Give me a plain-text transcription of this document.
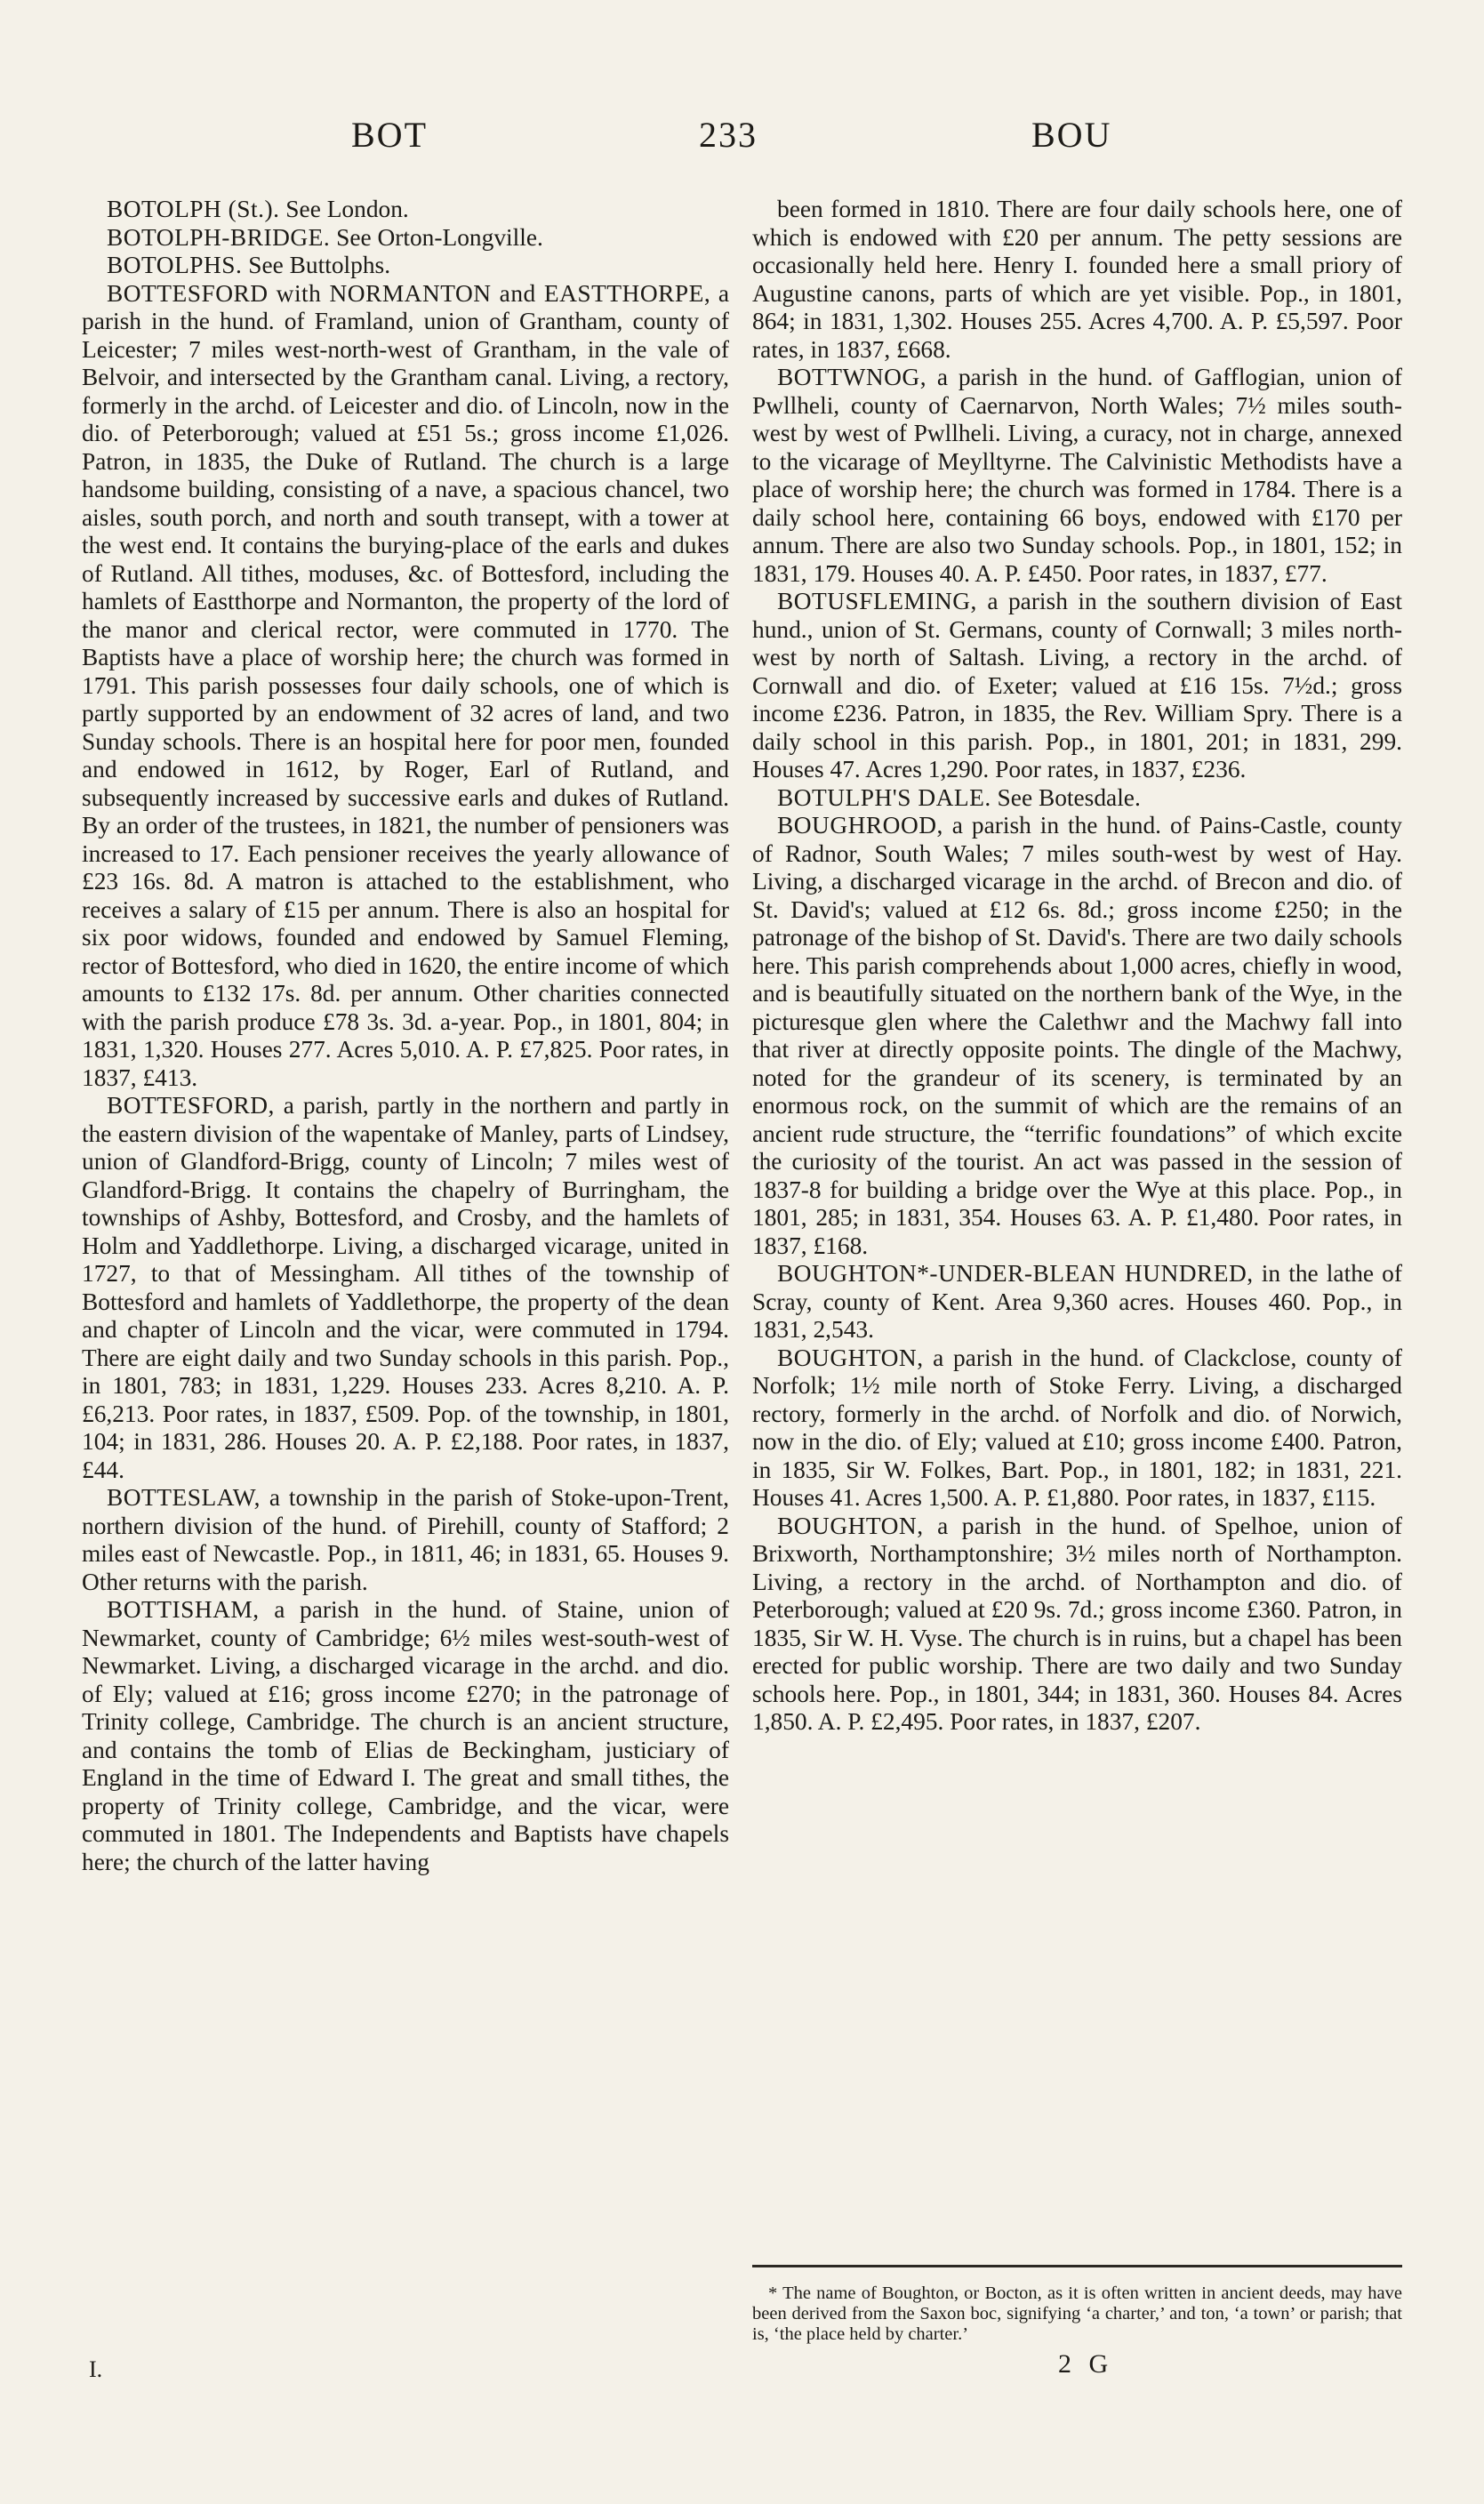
BOT	233	BOU

BOTOLPH (St.). See London.

BOTOLPH-BRIDGE. See Orton-Longville.

BOTOLPHS. See Buttolphs.

BOTTESFORD with NORMANTON and EASTTHORPE, a parish in the hund. of Framland, union of Grantham, county of Leicester; 7 miles west-north-west of Grantham, in the vale of Belvoir, and intersected by the Grantham canal. Living, a rectory, formerly in the archd. of Leicester and dio. of Lincoln, now in the dio. of Peterborough; valued at £51 5s.; gross income £1,026. Patron, in 1835, the Duke of Rutland. The church is a large handsome building, consisting of a nave, a spacious chancel, two aisles, south porch, and north and south transept, with a tower at the west end. It contains the burying-place of the earls and dukes of Rutland. All tithes, moduses, &c. of Bottesford, including the hamlets of Eastthorpe and Normanton, the property of the lord of the manor and clerical rector, were commuted in 1770. The Baptists have a place of worship here; the church was formed in 1791. This parish possesses four daily schools, one of which is partly supported by an endowment of 32 acres of land, and two Sunday schools. There is an hospital here for poor men, founded and endowed in 1612, by Roger, Earl of Rutland, and subsequently increased by successive earls and dukes of Rutland. By an order of the trustees, in 1821, the number of pensioners was increased to 17. Each pensioner receives the yearly allowance of £23 16s. 8d. A matron is attached to the establishment, who receives a salary of £15 per annum. There is also an hospital for six poor widows, founded and endowed by Samuel Fleming, rector of Bottesford, who died in 1620, the entire income of which amounts to £132 17s. 8d. per annum. Other charities connected with the parish produce £78 3s. 3d. a-year. Pop., in 1801, 804; in 1831, 1,320. Houses 277. Acres 5,010. A. P. £7,825. Poor rates, in 1837, £413.

BOTTESFORD, a parish, partly in the northern and partly in the eastern division of the wapentake of Manley, parts of Lindsey, union of Glandford-Brigg, county of Lincoln; 7 miles west of Glandford-Brigg. It contains the chapelry of Burringham, the townships of Ashby, Bottesford, and Crosby, and the hamlets of Holm and Yaddlethorpe. Living, a discharged vicarage, united in 1727, to that of Messingham. All tithes of the township of Bottesford and hamlets of Yaddlethorpe, the property of the dean and chapter of Lincoln and the vicar, were commuted in 1794. There are eight daily and two Sunday schools in this parish. Pop., in 1801, 783; in 1831, 1,229. Houses 233. Acres 8,210. A. P. £6,213. Poor rates, in 1837, £509. Pop. of the township, in 1801, 104; in 1831, 286. Houses 20. A. P. £2,188. Poor rates, in 1837, £44.

BOTTESLAW, a township in the parish of Stoke-upon-Trent, northern division of the hund. of Pirehill, county of Stafford; 2 miles east of Newcastle. Pop., in 1811, 46; in 1831, 65. Houses 9. Other returns with the parish.

BOTTISHAM, a parish in the hund. of Staine, union of Newmarket, county of Cambridge; 6½ miles west-south-west of Newmarket. Living, a discharged vicarage in the archd. and dio. of Ely; valued at £16; gross income £270; in the patronage of Trinity college, Cambridge. The church is an ancient structure, and contains the tomb of Elias de Beckingham, justiciary of England in the time of Edward I. The great and small tithes, the property of Trinity college, Cambridge, and the vicar, were commuted in 1801. The Independents and Baptists have chapels here; the church of the latter having

been formed in 1810. There are four daily schools here, one of which is endowed with £20 per annum. The petty sessions are occasionally held here. Henry I. founded here a small priory of Augustine canons, parts of which are yet visible. Pop., in 1801, 864; in 1831, 1,302. Houses 255. Acres 4,700. A. P. £5,597. Poor rates, in 1837, £668.

BOTTWNOG, a parish in the hund. of Gafflogian, union of Pwllheli, county of Caernarvon, North Wales; 7½ miles south-west by west of Pwllheli. Living, a curacy, not in charge, annexed to the vicarage of Meylltyrne. The Calvinistic Methodists have a place of worship here; the church was formed in 1784. There is a daily school here, containing 66 boys, endowed with £170 per annum. There are also two Sunday schools. Pop., in 1801, 152; in 1831, 179. Houses 40. A. P. £450. Poor rates, in 1837, £77.

BOTUSFLEMING, a parish in the southern division of East hund., union of St. Germans, county of Cornwall; 3 miles north-west by north of Saltash. Living, a rectory in the archd. of Cornwall and dio. of Exeter; valued at £16 15s. 7½d.; gross income £236. Patron, in 1835, the Rev. William Spry. There is a daily school in this parish. Pop., in 1801, 201; in 1831, 299. Houses 47. Acres 1,290. Poor rates, in 1837, £236.

BOTULPH'S DALE. See Botesdale.

BOUGHROOD, a parish in the hund. of Pains-Castle, county of Radnor, South Wales; 7 miles south-west by west of Hay. Living, a discharged vicarage in the archd. of Brecon and dio. of St. David's; valued at £12 6s. 8d.; gross income £250; in the patronage of the bishop of St. David's. There are two daily schools here. This parish comprehends about 1,000 acres, chiefly in wood, and is beautifully situated on the northern bank of the Wye, in the picturesque glen where the Calethwr and the Machwy fall into that river at directly opposite points. The dingle of the Machwy, noted for the grandeur of its scenery, is terminated by an enormous rock, on the summit of which are the remains of an ancient rude structure, the “terrific foundations” of which excite the curiosity of the tourist. An act was passed in the session of 1837-8 for building a bridge over the Wye at this place. Pop., in 1801, 285; in 1831, 354. Houses 63. A. P. £1,480. Poor rates, in 1837, £168.

BOUGHTON*-UNDER-BLEAN HUNDRED, in the lathe of Scray, county of Kent. Area 9,360 acres. Houses 460. Pop., in 1831, 2,543.

BOUGHTON, a parish in the hund. of Clackclose, county of Norfolk; 1½ mile north of Stoke Ferry. Living, a discharged rectory, formerly in the archd. of Norfolk and dio. of Norwich, now in the dio. of Ely; valued at £10; gross income £400. Patron, in 1835, Sir W. Folkes, Bart. Pop., in 1801, 182; in 1831, 221. Houses 41. Acres 1,500. A. P. £1,880. Poor rates, in 1837, £115.

BOUGHTON, a parish in the hund. of Spelhoe, union of Brixworth, Northamptonshire; 3½ miles north of Northampton. Living, a rectory in the archd. of Northampton and dio. of Peterborough; valued at £20 9s. 7d.; gross income £360. Patron, in 1835, Sir W. H. Vyse. The church is in ruins, but a chapel has been erected for public worship. There are two daily and two Sunday schools here. Pop., in 1801, 344; in 1831, 360. Houses 84. Acres 1,850. A. P. £2,495. Poor rates, in 1837, £207.

I.
* The name of Boughton, or Bocton, as it is often written in ancient deeds, may have been derived from the Saxon boc, signifying ‘a charter,’ and ton, ‘a town’ or parish; that is, ‘the place held by charter.’
2 G
